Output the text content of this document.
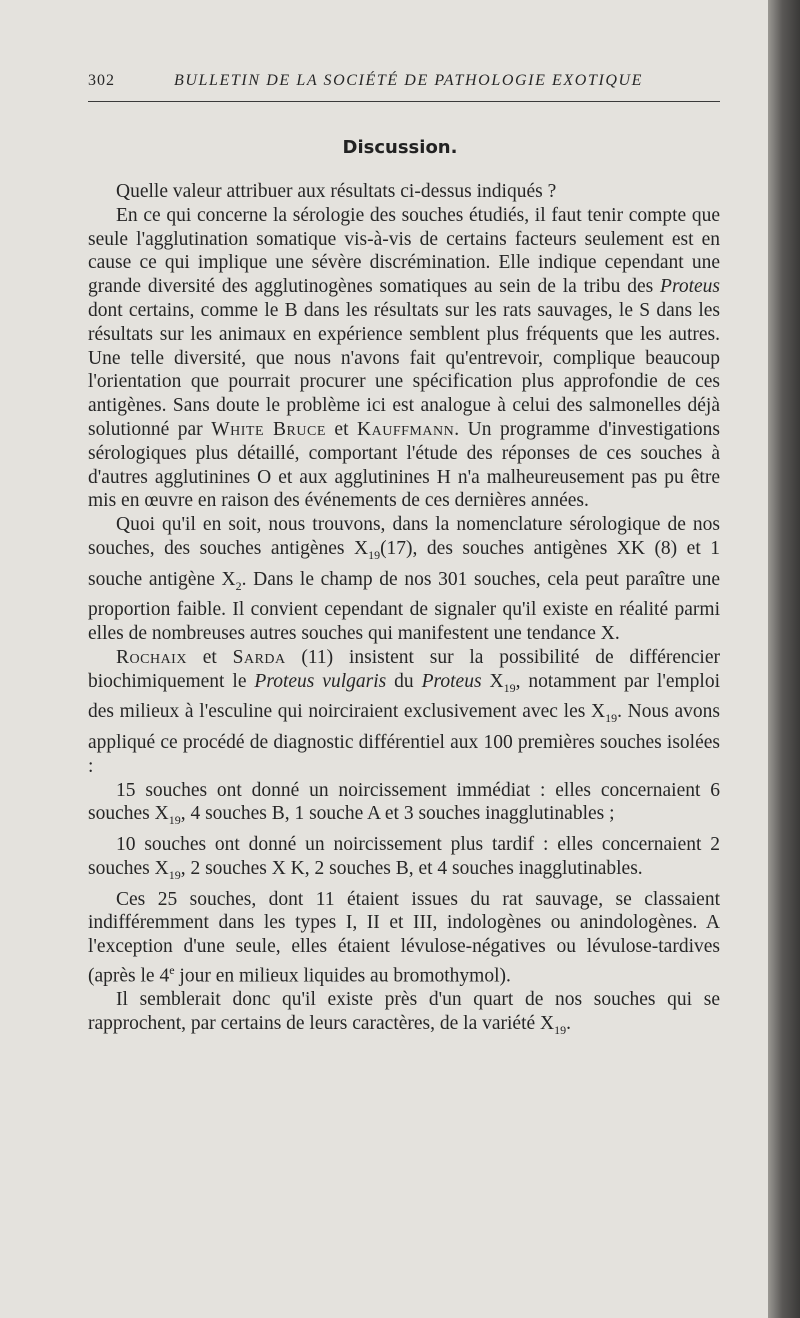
302	BULLETIN DE LA SOCIÉTÉ DE PATHOLOGIE EXOTIQUE
Discussion.

Quelle valeur attribuer aux résultats ci-dessus indiqués ?

En ce qui concerne la sérologie des souches étudiés, il faut tenir compte que seule l'agglutination somatique vis-à-vis de certains facteurs seulement est en cause ce qui implique une sévère discrémination. Elle indique cependant une grande diversité des agglutinogènes somatiques au sein de la tribu des Proteus dont certains, comme le B dans les résultats sur les rats sauvages, le S dans les résultats sur les animaux en expérience semblent plus fréquents que les autres. Une telle diversité, que nous n'avons fait qu'entrevoir, complique beaucoup l'orientation que pourrait procurer une spécification plus approfondie de ces antigènes. Sans doute le problème ici est analogue à celui des salmonelles déjà solutionné par White Bruce et Kauffmann. Un programme d'investigations sérologiques plus détaillé, comportant l'étude des réponses de ces souches à d'autres agglutinines O et aux agglutinines H n'a malheureusement pas pu être mis en œuvre en raison des événements de ces dernières années.

Quoi qu'il en soit, nous trouvons, dans la nomenclature sérologique de nos souches, des souches antigènes $X_{19}(17)$, des souches antigènes XK (8) et 1 souche antigène $X_2$. Dans le champ de nos 301 souches, cela peut paraître une proportion faible. Il convient cependant de signaler qu'il existe en réalité parmi elles de nombreuses autres souches qui manifestent une tendance X.

Rochaix et Sarda (11) insistent sur la possibilité de différencier biochimiquement le Proteus vulgaris du Proteus $X_{19}$, notamment par l'emploi des milieux à l'esculine qui noirciraient exclusivement avec les $X_{19}$. Nous avons appliqué ce procédé de diagnostic différentiel aux 100 premières souches isolées :

15 souches ont donné un noircissement immédiat : elles concernaient 6 souches $X_{19}$, 4 souches B, 1 souche A et 3 souches inagglutinables ;

10 souches ont donné un noircissement plus tardif : elles concernaient 2 souches $X_{19}$, 2 souches X K, 2 souches B, et 4 souches inagglutinables.

Ces 25 souches, dont 11 étaient issues du rat sauvage, se classaient indifféremment dans les types I, II et III, indologènes ou anindologènes. A l'exception d'une seule, elles étaient lévulose-négatives ou lévulose-tardives (après le 4e jour en milieux liquides au bromothymol).

Il semblerait donc qu'il existe près d'un quart de nos souches qui se rapprochent, par certains de leurs caractères, de la variété $X_{19}$.
